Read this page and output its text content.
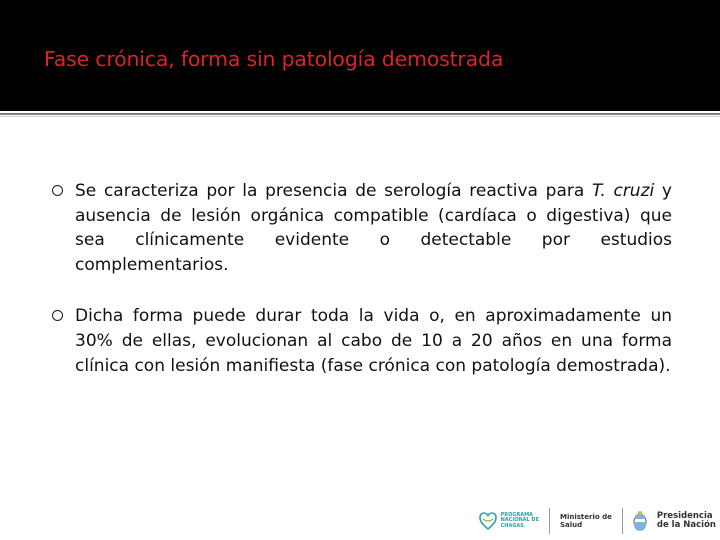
Fase crónica, forma sin patología demostrada
Se caracteriza por la presencia de serología reactiva para T. cruzi y ausencia de lesión orgánica compatible (cardíaca o digestiva) que sea clínicamente evidente o detectable por estudios complementarios.
Dicha forma puede durar toda la vida o, en aproximadamente un 30% de ellas, evolucionan al cabo de 10 a 20 años en una forma clínica con lesión manifiesta (fase crónica con patología demostrada).
PROGRAMA
NACIONAL DE
CHAGAS
Ministerio de
Salud
Presidencia
de la Nación
